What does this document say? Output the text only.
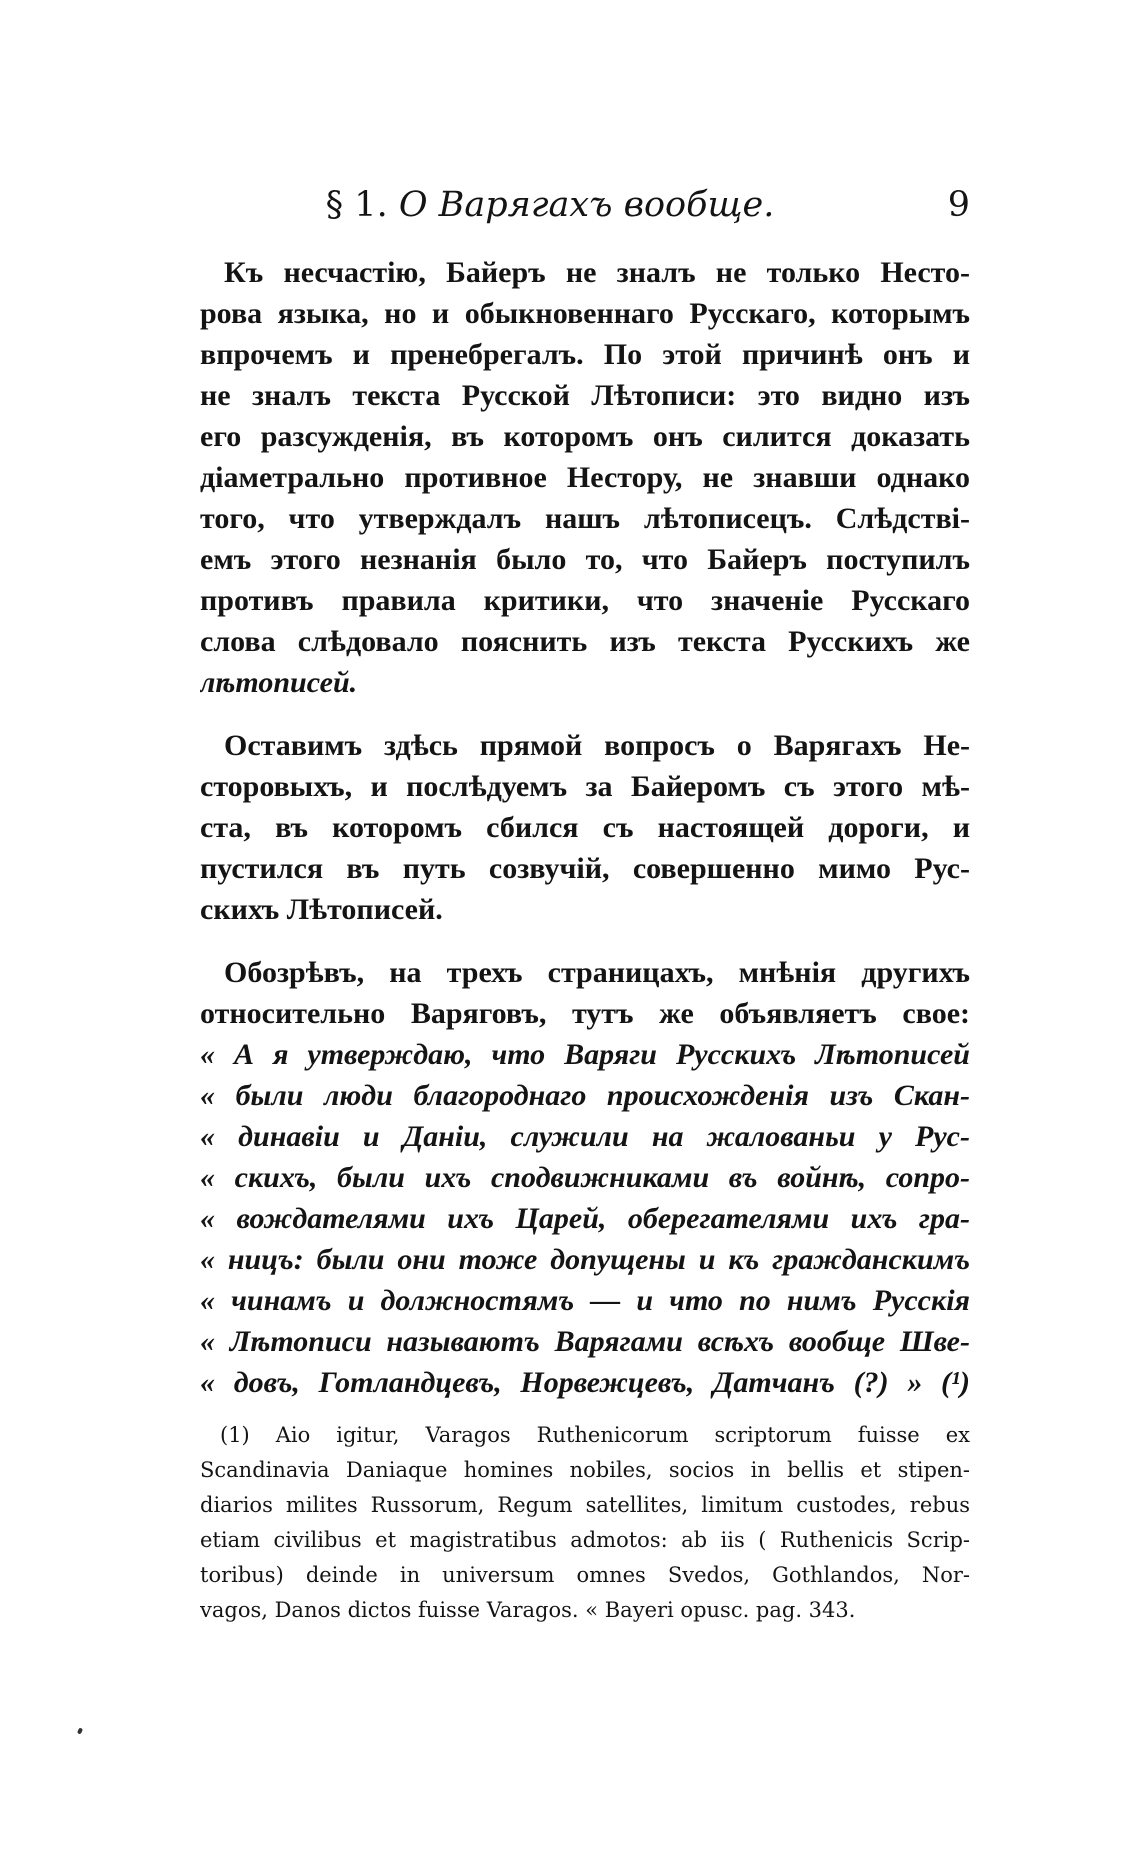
§ 1. О Варягахъ вообще.	9
Къ несчастію, Байеръ не зналъ не только Несто-
рова языка, но и обыкновеннаго Русскаго, которымъ
впрочемъ и пренебрегалъ. По этой причинѣ онъ и
не зналъ текста Русской Лѣтописи: это видно изъ
его разсужденія, въ которомъ онъ силится доказать
діаметрально противное Нестору, не знавши однако
того, что утверждалъ нашъ лѣтописецъ. Слѣдстві-
емъ этого незнанія было то, что Байеръ поступилъ
противъ правила критики, что значеніе Русскаго
слова слѣдовало пояснить изъ текста Русскихъ же
лѣтописей.
Оставимъ здѣсь прямой вопросъ о Варягахъ Не-
сторовыхъ, и послѣдуемъ за Байеромъ съ этого мѣ-
ста, въ которомъ сбился съ настоящей дороги, и
пустился въ путь созвучій, совершенно мимо Рус-
скихъ Лѣтописей.
Обозрѣвъ, на трехъ страницахъ, мнѣнія другихъ
относительно Варяговъ, тутъ же объявляетъ свое:
« А я утверждаю, что Варяги Русскихъ Лѣтописей
« были люди благороднаго происхожденія изъ Скан-
« динавіи и Даніи, служили на жалованьи у Рус-
« скихъ, были ихъ сподвижниками въ войнѣ, сопро-
« вождателями ихъ Царей, оберегателями ихъ гра-
« ницъ: были они тоже допущены и къ гражданскимъ
« чинамъ и должностямъ — и что по нимъ Русскія
« Лѣтописи называютъ Варягами всѣхъ вообще Шве-
« довъ, Готландцевъ, Норвежцевъ, Датчанъ (?) » (¹)
(1) Aio igitur, Varagos Ruthenicorum scriptorum fuisse ex
Scandinavia Daniaque homines nobiles, socios in bellis et stipen-
diarios milites Russorum, Regum satellites, limitum custodes, rebus
etiam civilibus et magistratibus admotos: ab iis ( Ruthenicis Scrip-
toribus) deinde in universum omnes Svedos, Gothlandos, Nor-
vagos, Danos dictos fuisse Varagos. « Bayeri opusc. pag. 343.
